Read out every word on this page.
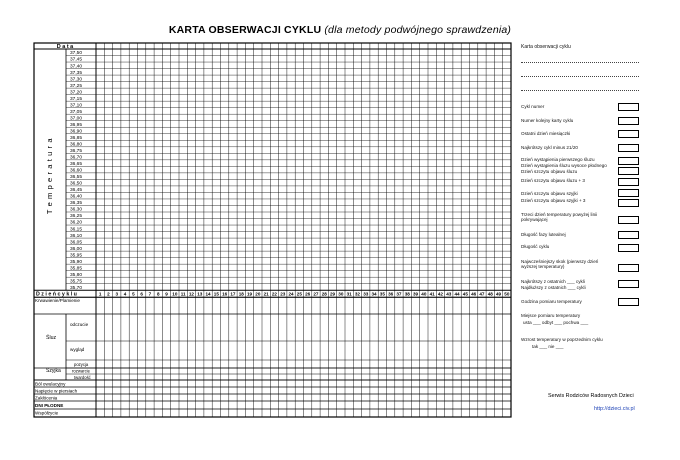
KARTA OBSERWACJI CYKLU (dla metody podwójnego sprawdzenia)
D a t a
37,50
37,45
37,40
37,35
37,30
37,25
37,20
37,15
37,10
37,05
37,00
36,95
36,90
36,85
36,80
36,75
36,70
36,65
36,60
36,55
36,50
36,45
36,40
36,35
36,30
36,25
36,20
36,15
36,10
36,05
36,00
35,95
35,90
35,85
35,80
35,75
35,70
T e m p e r a t u r a
D z i e ń c y k l u
Krwawienie/Plamienie
Śluz
odczucie
wygląd
Szyjka
pozycja
rozwarcie
twardość
Ból owulacyjny
Napięcie w piersiach
Zakłócenia
DNI PŁODNE
Współżycie
Karta obserwacji cyklu
Cykl numer
Numer kolejny karty cyklu
Ostatni dzień miesiączki
Najkrótszy cykl minus 21/20
Dzień wystąpienia pierwszego śluzu
Dzień wystąpienia śluzu wysoce płodnego
Dzień szczytu objawu śluzu
Dzień szczytu objawu śluzu + 3
Dzień szczytu objawu szyjki
Dzień szczytu objawu szyjki + 3
Trzeci dzień temperatury powyżej linii pokrywającej
Długość fazy lutealnej
Długość cyklu
Najwcześniejszy skok (pierwszy dzień wyższej temperatury)
Najkrótszy z ostatnich ___ cykli
Najdłuższy z ostatnich ___ cykli
Godzina pomiaru temperatury
Miejsce pomiaru temperatury
usta ___ odbyt ___ pochwa ___
Wzrost temperatury w poprzednim cyklu
tak ___ nie ___
Serwis Rodziców Radosnych Dzieci
http://dzieci.civ.pl
